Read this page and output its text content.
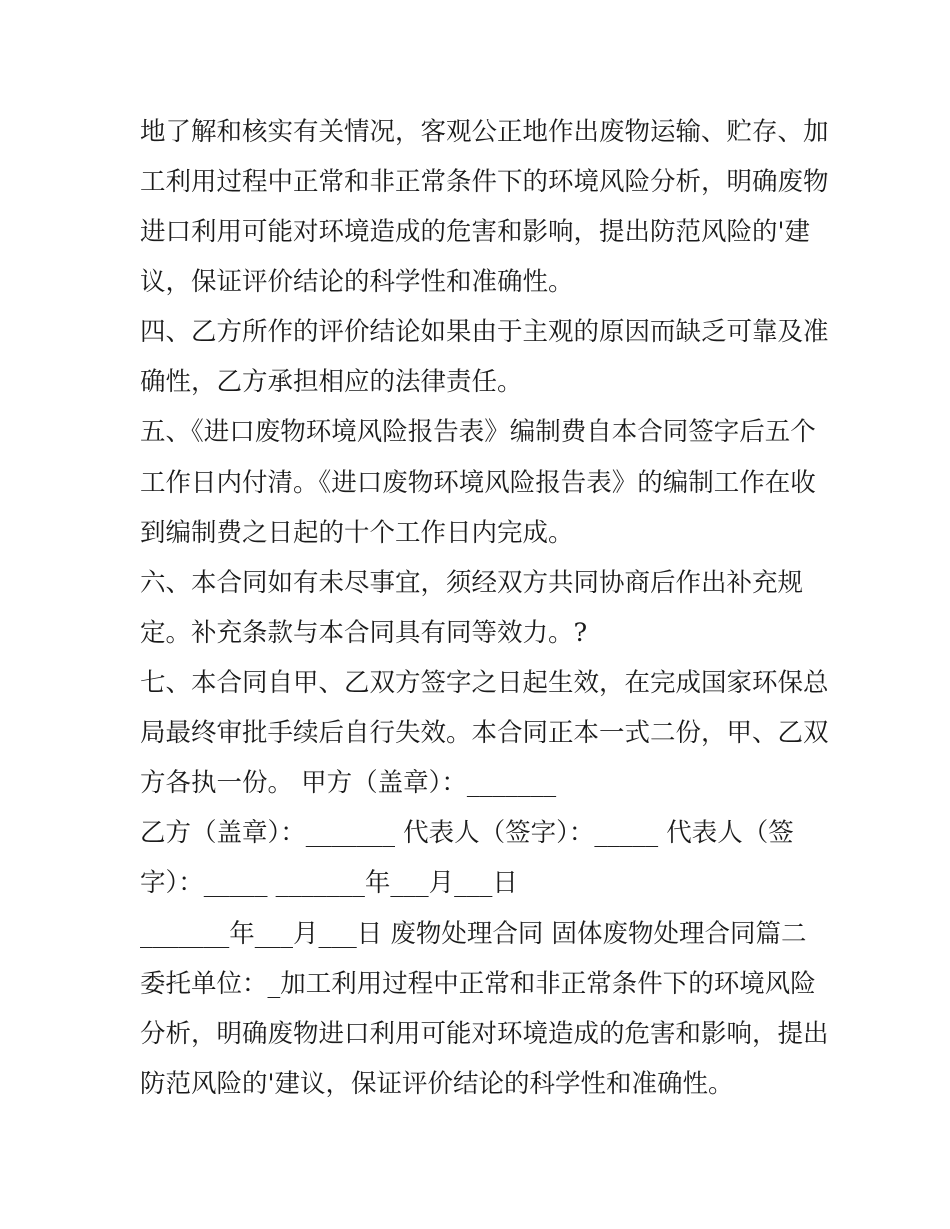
地了解和核实有关情况，客观公正地作出废物运输、贮存、加
工利用过程中正常和非正常条件下的环境风险分析，明确废物
进口利用可能对环境造成的危害和影响，提出防范风险的'建
议，保证评价结论的科学性和准确性。
四、乙方所作的评价结论如果由于主观的原因而缺乏可靠及准
确性，乙方承担相应的法律责任。
五、《进口废物环境风险报告表》编制费自本合同签字后五个
工作日内付清。《进口废物环境风险报告表》的编制工作在收
到编制费之日起的十个工作日内完成。
六、本合同如有未尽事宜，须经双方共同协商后作出补充规
定。补充条款与本合同具有同等效力。?
七、本合同自甲、乙双方签字之日起生效，在完成国家环保总
局最终审批手续后自行失效。本合同正本一式二份，甲、乙双
方各执一份。 甲方（盖章）：_______
乙方（盖章）：_______ 代表人（签字）：_____ 代表人（签
字）：_____ _______年___月___日
_______年___月___日 废物处理合同 固体废物处理合同篇二
委托单位：_加工利用过程中正常和非正常条件下的环境风险
分析，明确废物进口利用可能对环境造成的危害和影响，提出
防范风险的'建议，保证评价结论的科学性和准确性。
